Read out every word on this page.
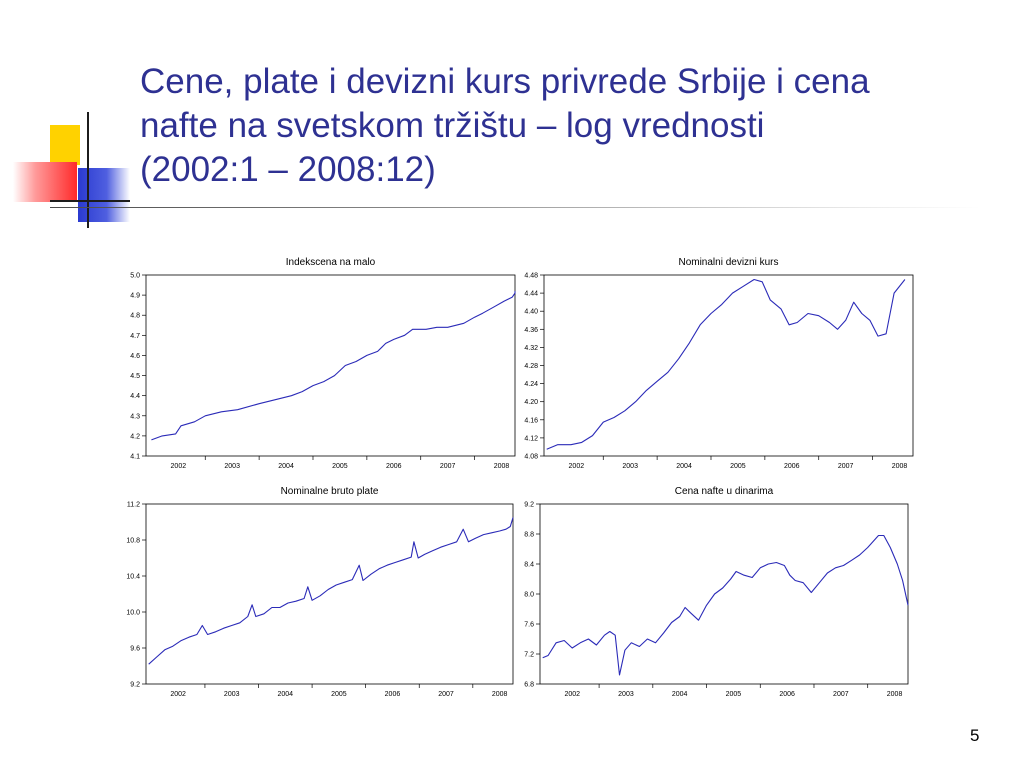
Cene, plate i devizni kurs privrede Srbije i cena
nafte na svetskom tržištu – log vrednosti
(2002:1 – 2008:12)
Indekscena na malo
4.1
4.2
4.3
4.4
4.5
4.6
4.7
4.8
4.9
5.0
2002	2003	2004	2005	2006	2007	2008
Nominalni devizni kurs
4.08
4.12
4.16
4.20
4.24
4.28
4.32
4.36
4.40
4.44
4.48
2002	2003	2004	2005	2006	2007	2008
Nominalne bruto plate
9.2
9.6
10.0
10.4
10.8
11.2
2002	2003	2004	2005	2006	2007	2008
Cena nafte u dinarima
6.8
7.2
7.6
8.0
8.4
8.8
9.2
2002	2003	2004	2005	2006	2007	2008
5
